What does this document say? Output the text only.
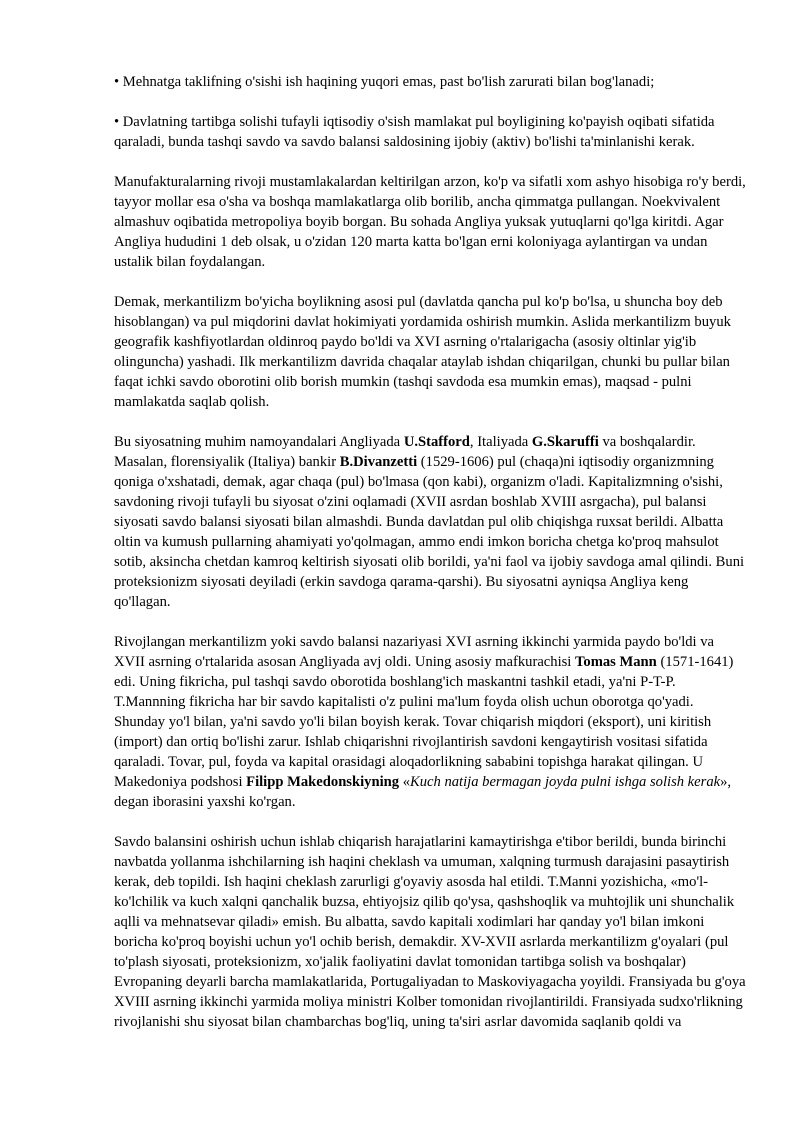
• Mehnatga taklifning o'sishi ish haqining yuqori emas, past bo'lish zarurati bilan bog'lanadi;

• Davlatning tartibga solishi tufayli iqtisodiy o'sish mamlakat pul boyligining ko'payish oqibati sifatida qaraladi, bunda tashqi savdo va savdo balansi saldosining ijobiy (aktiv) bo'lishi ta'minlanishi kerak.

Manufakturalarning rivoji mustamlakalardan keltirilgan arzon, ko'p va sifatli xom ashyo hisobiga ro'y berdi, tayyor mollar esa o'sha va boshqa mamlakatlarga olib borilib, ancha qimmatga pullangan. Noekvivalent almashuv oqibatida metropoliya boyib borgan. Bu sohada Angliya yuksak yutuqlarni qo'lga kiritdi. Agar Angliya hududini 1 deb olsak, u o'zidan 120 marta katta bo'lgan erni koloniyaga aylantirgan va undan ustalik bilan foydalangan.

Demak, merkantilizm bo'yicha boylikning asosi pul (davlatda qancha pul ko'p bo'lsa, u shuncha boy deb hisoblangan) va pul miqdorini davlat hokimiyati yordamida oshirish mumkin. Aslida merkantilizm buyuk geografik kashfiyotlardan oldinroq paydo bo'ldi va XVI asrning o'rtalarigacha (asosiy oltinlar yig'ib olinguncha) yashadi. Ilk merkantilizm davrida chaqalar ataylab ishdan chiqarilgan, chunki bu pullar bilan faqat ichki savdo oborotini olib borish mumkin (tashqi savdoda esa mumkin emas), maqsad - pulni mamlakatda saqlab qolish.

Bu siyosatning muhim namoyandalari Angliyada U.Stafford, Italiyada G.Skaruffi va boshqalardir. Masalan, florensiyalik (Italiya) bankir B.Divanzetti (1529-1606) pul (chaqa)ni iqtisodiy organizmning qoniga o'xshatadi, demak, agar chaqa (pul) bo'lmasa (qon kabi), organizm o'ladi. Kapitalizmning o'sishi, savdoning rivoji tufayli bu siyosat o'zini oqlamadi (XVII asrdan boshlab XVIII asrgacha), pul balansi siyosati savdo balansi siyosati bilan almashdi. Bunda davlatdan pul olib chiqishga ruxsat berildi. Albatta oltin va kumush pullarning ahamiyati yo'qolmagan, ammo endi imkon boricha chetga ko'proq mahsulot sotib, aksincha chetdan kamroq keltirish siyosati olib borildi, ya'ni faol va ijobiy savdoga amal qilindi. Buni proteksionizm siyosati deyiladi (erkin savdoga qarama-qarshi). Bu siyosatni ayniqsa Angliya keng qo'llagan.

Rivojlangan merkantilizm yoki savdo balansi nazariyasi XVI asrning ikkinchi yarmida paydo bo'ldi va XVII asrning o'rtalarida asosan Angliyada avj oldi. Uning asosiy mafkurachisi Tomas Mann (1571-1641) edi. Uning fikricha, pul tashqi savdo oborotida boshlang'ich maskantni tashkil etadi, ya'ni P-T-P. T.Mannning fikricha har bir savdo kapitalisti o'z pulini ma'lum foyda olish uchun oborotga qo'yadi. Shunday yo'l bilan, ya'ni savdo yo'li bilan boyish kerak. Tovar chiqarish miqdori (eksport), uni kiritish (import) dan ortiq bo'lishi zarur. Ishlab chiqarishni rivojlantirish savdoni kengaytirish vositasi sifatida qaraladi. Tovar, pul, foyda va kapital orasidagi aloqadorlikning sababini topishga harakat qilingan. U Makedoniya podshosi Filipp Makedonskiyning «Kuch natija bermagan joyda pulni ishga solish kerak», degan iborasini yaxshi ko'rgan.

Savdo balansini oshirish uchun ishlab chiqarish harajatlarini kamaytirishga e'tibor berildi, bunda birinchi navbatda yollanma ishchilarning ish haqini cheklash va umuman, xalqning turmush darajasini pasaytirish kerak, deb topildi. Ish haqini cheklash zarurligi g'oyaviy asosda hal etildi. T.Manni yozishicha, «mo'l-ko'lchilik va kuch xalqni qanchalik buzsa, ehtiyojsiz qilib qo'ysa, qashshoqlik va muhtojlik uni shunchalik aqlli va mehnatsevar qiladi» emish. Bu albatta, savdo kapitali xodimlari har qanday yo'l bilan imkoni boricha ko'proq boyishi uchun yo'l ochib berish, demakdir. XV-XVII asrlarda merkantilizm g'oyalari (pul to'plash siyosati, proteksionizm, xo'jalik faoliyatini davlat tomonidan tartibga solish va boshqalar) Evropaning deyarli barcha mamlakatlarida, Portugaliyadan to Maskoviyagacha yoyildi. Fransiyada bu g'oya XVIII asrning ikkinchi yarmida moliya ministri Kolber tomonidan rivojlantirildi. Fransiyada sudxo'rlikning rivojlanishi shu siyosat bilan chambarchas bog'liq, uning ta'siri asrlar davomida saqlanib qoldi va
